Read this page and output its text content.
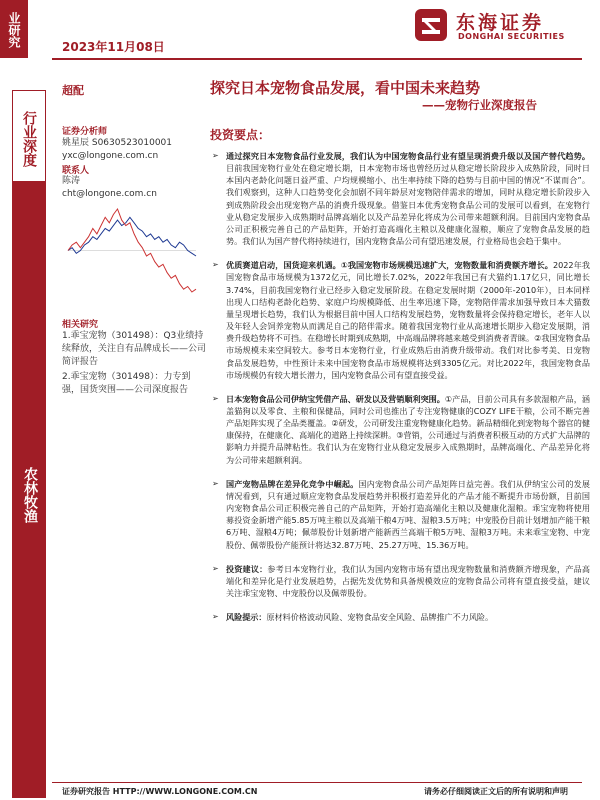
业研究
行业深度
农林牧渔
2023年11月08日
东海证券
DONGHAI SECURITIES
超配
证券分析师
姚星辰 S0630523010001
yxc@longone.com.cn
联系人
陈涛
cht@longone.com.cn
相关研究
1.乖宝宠物（301498）：Q3业绩持续释放，关注自有品牌成长——公司简评报告
2.乖宝宠物（301498）：力专到强，国货突围——公司深度报告
探究日本宠物食品发展，看中国未来趋势
——宠物行业深度报告
投资要点：
➢ 通过探究日本宠物食品行业发展，我们认为中国宠物食品行业有望呈现消费升级以及国产替代趋势。目前我国宠物行业处在稳定增长期，日本宠物市场也曾经历过从稳定增长阶段步入成熟阶段，同时日本国内老龄化问题日益严重、户均规模缩小、出生率持续下降的趋势与目前中国的情况“不谋而合”。我们观察到，这种人口趋势变化会加剧不同年龄层对宠物陪伴需求的增加，同时从稳定增长阶段步入到成熟阶段会出现宠物产品的消费升级现象。借鉴日本优秀宠物食品公司的发展可以看到，在宠物行业从稳定发展步入成熟期时品牌高端化以及产品差异化将成为公司带来超额利润。目前国内宠物食品公司正积极完善自己的产品矩阵，开始打造高端化主粮以及健康化湿粮，顺应了宠物食品发展的趋势。我们认为国产替代将持续进行，国内宠物食品公司有望迅速发展，行业格局也会趋于集中。
➢ 优质赛道启动，国货迎来机遇。①我国宠物市场规模迅速扩大，宠物数量和消费额齐增长。2022年我国宠物食品市场规模为1372亿元，同比增长7.02%，2022年我国已有犬猫约1.17亿只，同比增长3.74%，目前我国宠物行业已经步入稳定发展阶段。在稳定发展时期（2000年-2010年），日本同样出现人口结构老龄化趋势、家庭户均规模降低、出生率迅速下降，宠物陪伴需求加强导致日本犬猫数量呈现增长趋势，我们认为根据目前中国人口结构发展趋势，宠物数量将会保持稳定增长，老年人以及年轻人会饲养宠物从而满足自己的陪伴需求。随着我国宠物行业从高速增长期步入稳定发展期，消费升级趋势将不可挡。在稳增长时期到成熟期，中高端品牌将越来越受到消费者青睐。②我国宠物食品市场规模未来空间较大。参考日本宠物行业，行业成熟后由消费升级带动。我们对比参考美、日宠物食品发展趋势，中性预计未来中国宠物食品市场规模将达到3305亿元。对比2022年，我国宠物食品市场规模仍有较大增长潜力，国内宠物食品公司有望直接受益。
➢ 日本宠物食品公司伊纳宝凭借产品、研发以及营销顺利突围。①产品，目前公司具有多款湿粮产品，涵盖猫狗以及零食、主粮和保健品，同时公司也推出了专注宠物健康的COZY LIFE干粮，公司不断完善产品矩阵实现了全品类覆盖。②研发，公司研发注重宠物健康化趋势。新品精细化到宠物每个器官的健康保持，在健康化、高端化的道路上持续深耕。③营销，公司通过与消费者积极互动的方式扩大品牌的影响力并提升品牌粘性。我们认为在宠物行业从稳定发展步入成熟期时，品牌高端化、产品差异化将为公司带来超额利润。
➢ 国产宠物品牌在差异化竞争中崛起。国内宠物食品公司产品矩阵日益完善。我们从伊纳宝公司的发展情况看到，只有通过顺应宠物食品发展趋势并积极打造差异化的产品才能不断提升市场份额，目前国内宠物食品公司正积极完善自己的产品矩阵，开始打造高端化主粮以及健康化湿粮。乖宝宠物将使用募投资金新增产能5.85万吨主粮以及高端干粮4万吨、湿粮3.5万吨；中宠股份目前计划增加产能干粮6万吨、湿粮4万吨；佩蒂股份计划新增产能新西兰高端干粮5万吨、湿粮3万吨。未来乖宝宠物、中宠股份、佩蒂股份产能预计将达32.87万吨、25.27万吨、15.36万吨。
➢ 投资建议：参考日本宠物行业，我们认为国内宠物市场有望出现宠物数量和消费额齐增现象，产品高端化和差异化是行业发展趋势，占据先发优势和具备规模效应的宠物食品公司将有望直接受益，建议关注乖宝宠物、中宠股份以及佩蒂股份。
➢ 风险提示：原材料价格波动风险、宠物食品安全风险、品牌推广不力风险。
证券研究报告 HTTP://WWW.LONGONE.COM.CN	请务必仔细阅读正文后的所有说明和声明
